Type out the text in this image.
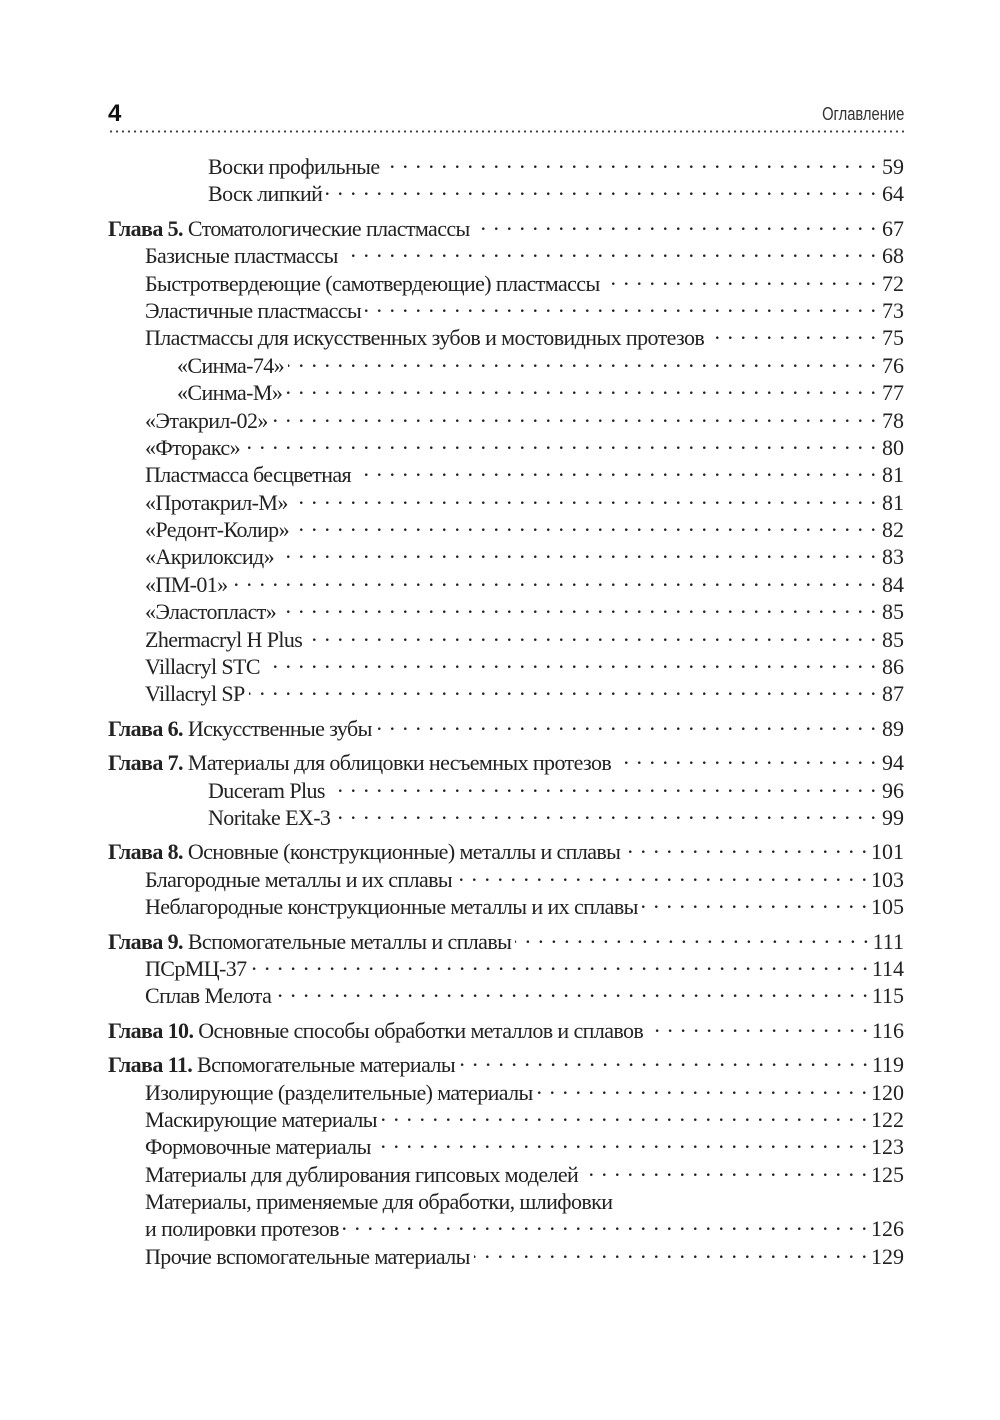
4	Оглавление
Воски профильные . . .	59
Воск липкий . . .	64
Глава 5. Стоматологические пластмассы . . .	67
Базисные пластмассы . . .	68
Быстротвердеющие (самотвердеющие) пластмассы . . .	72
Эластичные пластмассы . . .	73
Пластмассы для искусственных зубов и мостовидных протезов . . .	75
«Синма-74» . . .	76
«Синма-М» . . .	77
«Этакрил-02» . . .	78
«Фторакс» . . .	80
Пластмасса бесцветная . . .	81
«Протакрил-М» . . .	81
«Редонт-Колир» . . .	82
«Акрилоксид» . . .	83
«ПМ-01» . . .	84
«Эластопласт» . . .	85
Zhermacryl H Plus . . .	85
Villacryl STC . . .	86
Villacryl SP . . .	87
Глава 6. Искусственные зубы . . .	89
Глава 7. Материалы для облицовки несъемных протезов . . .	94
Duceram Plus . . .	96
Noritake EX-3 . . .	99
Глава 8. Основные (конструкционные) металлы и сплавы . . .	101
Благородные металлы и их сплавы . . .	103
Неблагородные конструкционные металлы и их сплавы . . .	105
Глава 9. Вспомогательные металлы и сплавы . . .	111
ПСрМЦ-37 . . .	114
Сплав Мелота . . .	115
Глава 10. Основные способы обработки металлов и сплавов . . .	116
Глава 11. Вспомогательные материалы . . .	119
Изолирующие (разделительные) материалы . . .	120
Маскирующие материалы . . .	122
Формовочные материалы . . .	123
Материалы для дублирования гипсовых моделей . . .	125
Материалы, применяемые для обработки, шлифовки
и полировки протезов . . .	126
Прочие вспомогательные материалы . . .	129
